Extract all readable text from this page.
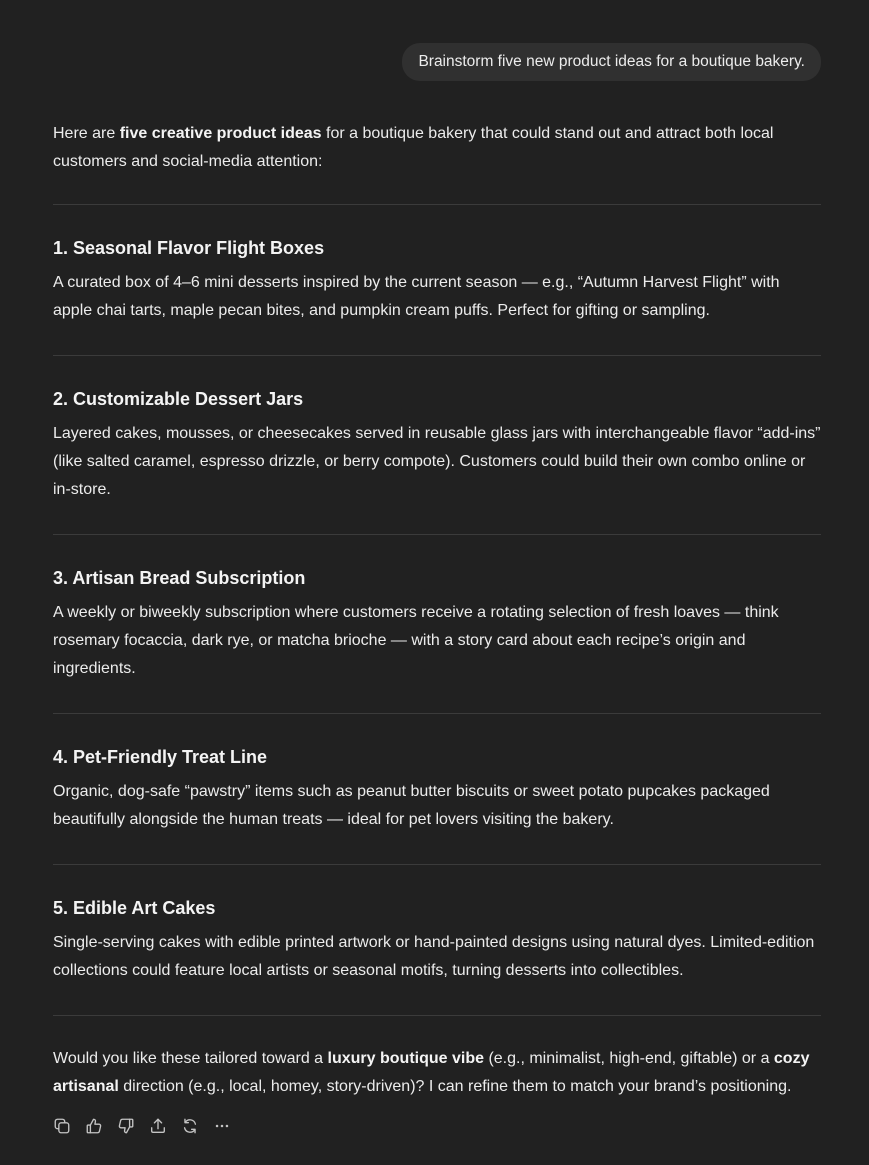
Brainstorm five new product ideas for a boutique bakery.

Here are five creative product ideas for a boutique bakery that could stand out and attract both local customers and social-media attention:

1. Seasonal Flavor Flight Boxes

A curated box of 4–6 mini desserts inspired by the current season — e.g., “Autumn Harvest Flight” with apple chai tarts, maple pecan bites, and pumpkin cream puffs. Perfect for gifting or sampling.

2. Customizable Dessert Jars

Layered cakes, mousses, or cheesecakes served in reusable glass jars with interchangeable flavor “add-ins” (like salted caramel, espresso drizzle, or berry compote). Customers could build their own combo online or in-store.

3. Artisan Bread Subscription

A weekly or biweekly subscription where customers receive a rotating selection of fresh loaves — think rosemary focaccia, dark rye, or matcha brioche — with a story card about each recipe’s origin and ingredients.

4. Pet-Friendly Treat Line

Organic, dog-safe “pawstry” items such as peanut butter biscuits or sweet potato pupcakes packaged beautifully alongside the human treats — ideal for pet lovers visiting the bakery.

5. Edible Art Cakes

Single-serving cakes with edible printed artwork or hand-painted designs using natural dyes. Limited-edition collections could feature local artists or seasonal motifs, turning desserts into collectibles.

Would you like these tailored toward a luxury boutique vibe (e.g., minimalist, high-end, giftable) or a cozy artisanal direction (e.g., local, homey, story-driven)? I can refine them to match your brand’s positioning.
